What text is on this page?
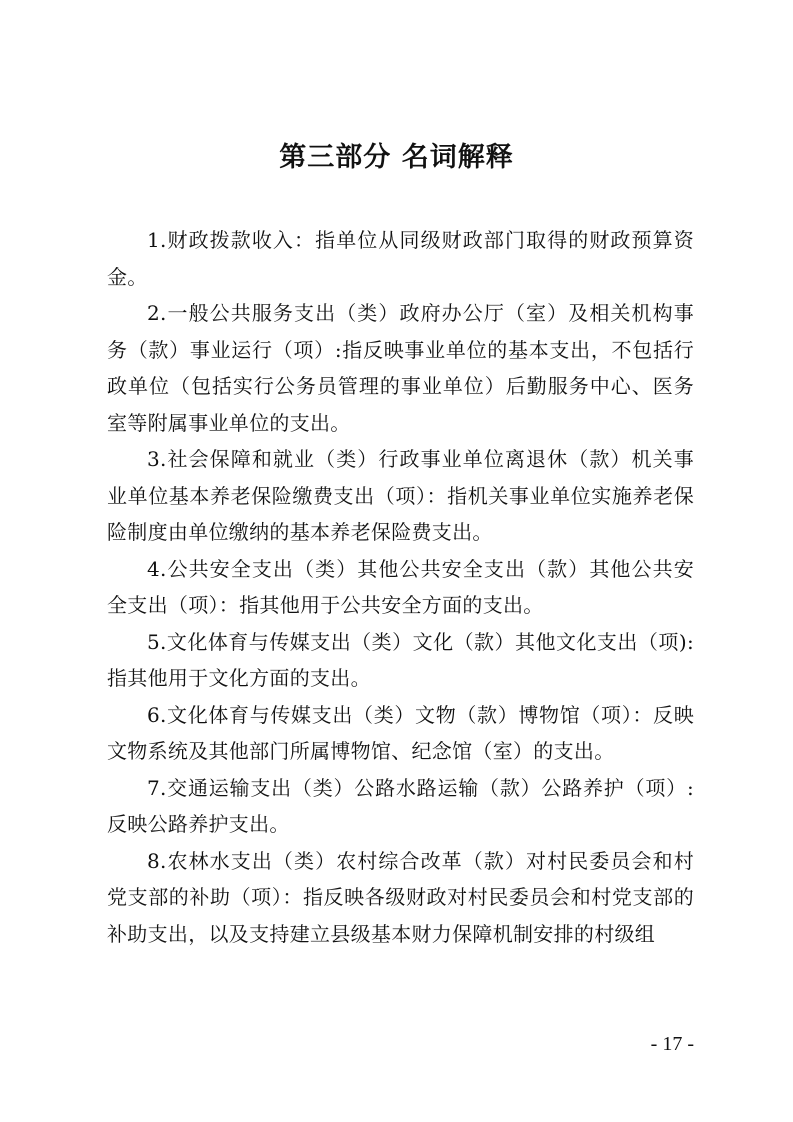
第三部分 名词解释

1.财政拨款收入：指单位从同级财政部门取得的财政预算资金。

2.一般公共服务支出（类）政府办公厅（室）及相关机构事务（款）事业运行（项）:指反映事业单位的基本支出，不包括行政单位（包括实行公务员管理的事业单位）后勤服务中心、医务室等附属事业单位的支出。

3.社会保障和就业（类）行政事业单位离退休（款）机关事业单位基本养老保险缴费支出（项）：指机关事业单位实施养老保险制度由单位缴纳的基本养老保险费支出。

4.公共安全支出（类）其他公共安全支出（款）其他公共安全支出（项）：指其他用于公共安全方面的支出。

5.文化体育与传媒支出（类）文化（款）其他文化支出（项):指其他用于文化方面的支出。

6.文化体育与传媒支出（类）文物（款）博物馆（项）：反映文物系统及其他部门所属博物馆、纪念馆（室）的支出。

7.交通运输支出（类）公路水路运输（款）公路养护（项）:反映公路养护支出。

8.农林水支出（类）农村综合改革（款）对村民委员会和村党支部的补助（项）：指反映各级财政对村民委员会和村党支部的补助支出，以及支持建立县级基本财力保障机制安排的村级组

- 17 -
